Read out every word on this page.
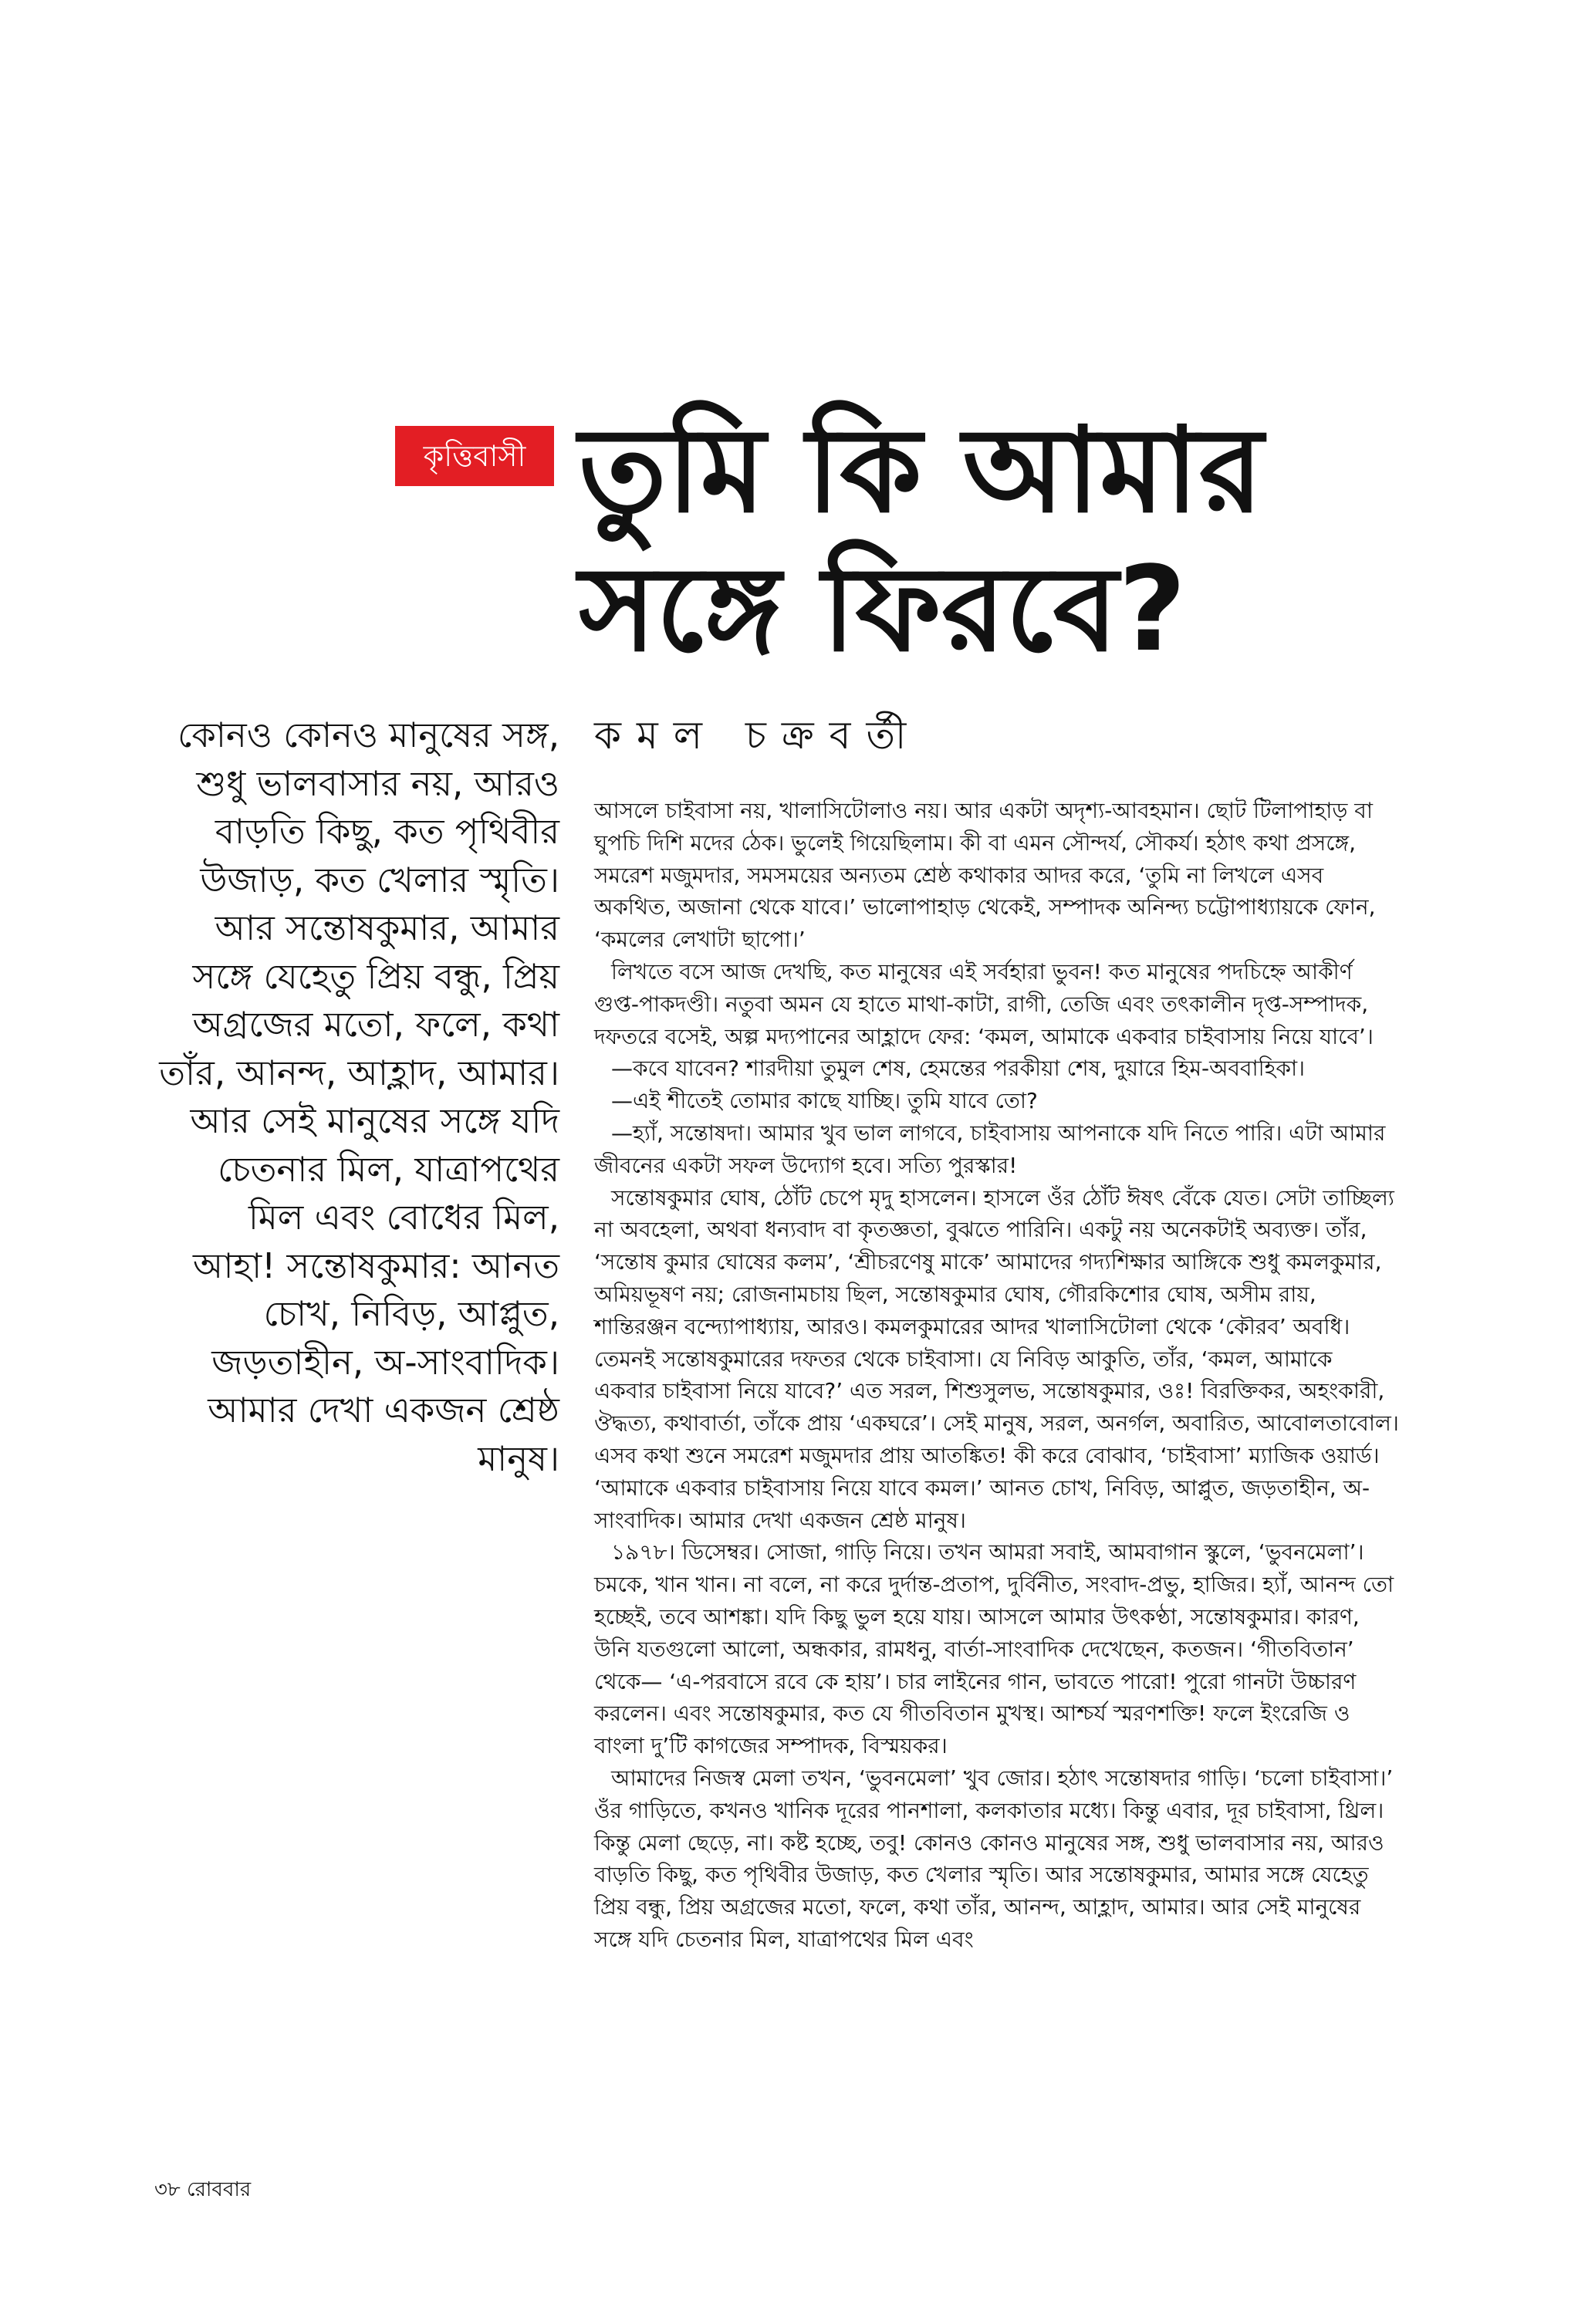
কৃত্তিবাসী তুমি কি আমার
সঙ্গে ফিরবে?
কমল চক্রবর্তী
কোনও কোনও মানুষের সঙ্গ, শুধু ভালবাসার নয়, আরও বাড়তি কিছু, কত পৃথিবীর উজাড়, কত খেলার স্মৃতি। আর সন্তোষকুমার, আমার সঙ্গে যেহেতু প্রিয় বন্ধু, প্রিয় অগ্রজের মতো, ফলে, কথা তাঁর, আনন্দ, আহ্লাদ, আমার। আর সেই মানুষের সঙ্গে যদি চেতনার মিল, যাত্রাপথের মিল এবং বোধের মিল, আহা! সন্তোষকুমার: আনত চোখ, নিবিড়, আপ্লুত, জড়তাহীন, অ-সাংবাদিক। আমার দেখা একজন শ্রেষ্ঠ মানুষ।

আসলে চাইবাসা নয়, খালাসিটোলাও নয়। আর একটা অদৃশ্য-আবহমান। ছোট টিলাপাহাড় বা ঘুপচি দিশি মদের ঠেক। ভুলেই গিয়েছিলাম। কী বা এমন সৌন্দর্য, সৌকর্য। হঠাৎ কথা প্রসঙ্গে, সমরেশ মজুমদার, সমসময়ের অন্যতম শ্রেষ্ঠ কথাকার আদর করে, ‘তুমি না লিখলে এসব অকথিত, অজানা থেকে যাবে।’ ভালোপাহাড় থেকেই, সম্পাদক অনিন্দ্য চট্টোপাধ্যায়কে ফোন, ‘কমলের লেখাটা ছাপো।’

লিখতে বসে আজ দেখছি, কত মানুষের এই সর্বহারা ভুবন! কত মানুষের পদচিহ্নে আকীর্ণ গুপ্ত-পাকদণ্ডী। নতুবা অমন যে হাতে মাথা-কাটা, রাগী, তেজি এবং তৎকালীন দৃপ্ত-সম্পাদক, দফতরে বসেই, অল্প মদ্যপানের আহ্লাদে ফের: ‘কমল, আমাকে একবার চাইবাসায় নিয়ে যাবে’।

—কবে যাবেন? শারদীয়া তুমুল শেষ, হেমন্তের পরকীয়া শেষ, দুয়ারে হিম-অববাহিকা।

—এই শীতেই তোমার কাছে যাচ্ছি। তুমি যাবে তো?

—হ্যাঁ, সন্তোষদা। আমার খুব ভাল লাগবে, চাইবাসায় আপনাকে যদি নিতে পারি। এটা আমার জীবনের একটা সফল উদ্যোগ হবে। সত্যি পুরস্কার!

সন্তোষকুমার ঘোষ, ঠোঁট চেপে মৃদু হাসলেন। হাসলে ওঁর ঠোঁট ঈষৎ বেঁকে যেত। সেটা তাচ্ছিল্য না অবহেলা, অথবা ধন্যবাদ বা কৃতজ্ঞতা, বুঝতে পারিনি। একটু নয় অনেকটাই অব্যক্ত। তাঁর, ‘সন্তোষ কুমার ঘোষের কলম’, ‘শ্রীচরণেষু মাকে’ আমাদের গদ্যশিক্ষার আঙ্গিকে শুধু কমলকুমার, অমিয়ভূষণ নয়; রোজনামচায় ছিল, সন্তোষকুমার ঘোষ, গৌরকিশোর ঘোষ, অসীম রায়, শান্তিরঞ্জন বন্দ্যোপাধ্যায়, আরও। কমলকুমারের আদর খালাসিটোলা থেকে ‘কৌরব’ অবধি। তেমনই সন্তোষকুমারের দফতর থেকে চাইবাসা। যে নিবিড় আকুতি, তাঁর, ‘কমল, আমাকে একবার চাইবাসা নিয়ে যাবে?’ এত সরল, শিশুসুলভ, সন্তোষকুমার, ওঃ! বিরক্তিকর, অহংকারী, ঔদ্ধত্য, কথাবার্তা, তাঁকে প্রায় ‘একঘরে’। সেই মানুষ, সরল, অনর্গল, অবারিত, আবোলতাবোল। এসব কথা শুনে সমরেশ মজুমদার প্রায় আতঙ্কিত! কী করে বোঝাব, ‘চাইবাসা’ ম্যাজিক ওয়ার্ড। ‘আমাকে একবার চাইবাসায় নিয়ে যাবে কমল।’ আনত চোখ, নিবিড়, আপ্লুত, জড়তাহীন, অ-সাংবাদিক। আমার দেখা একজন শ্রেষ্ঠ মানুষ।

১৯৭৮। ডিসেম্বর। সোজা, গাড়ি নিয়ে। তখন আমরা সবাই, আমবাগান স্কুলে, ‘ভুবনমেলা’। চমকে, খান খান। না বলে, না করে দুর্দান্ত-প্রতাপ, দুর্বিনীত, সংবাদ-প্রভু, হাজির। হ্যাঁ, আনন্দ তো হচ্ছেই, তবে আশঙ্কা। যদি কিছু ভুল হয়ে যায়। আসলে আমার উৎকণ্ঠা, সন্তোষকুমার। কারণ, উনি যতগুলো আলো, অন্ধকার, রামধনু, বার্তা-সাংবাদিক দেখেছেন, কতজন। ‘গীতবিতান’ থেকে— ‘এ-পরবাসে রবে কে হায়’। চার লাইনের গান, ভাবতে পারো! পুরো গানটা উচ্চারণ করলেন। এবং সন্তোষকুমার, কত যে গীতবিতান মুখস্থ। আশ্চর্য স্মরণশক্তি! ফলে ইংরেজি ও বাংলা দু’টি কাগজের সম্পাদক, বিস্ময়কর।

আমাদের নিজস্ব মেলা তখন, ‘ভুবনমেলা’ খুব জোর। হঠাৎ সন্তোষদার গাড়ি। ‘চলো চাইবাসা।’ ওঁর গাড়িতে, কখনও খানিক দূরের পানশালা, কলকাতার মধ্যে। কিন্তু এবার, দূর চাইবাসা, থ্রিল। কিন্তু মেলা ছেড়ে, না। কষ্ট হচ্ছে, তবু! কোনও কোনও মানুষের সঙ্গ, শুধু ভালবাসার নয়, আরও বাড়তি কিছু, কত পৃথিবীর উজাড়, কত খেলার স্মৃতি। আর সন্তোষকুমার, আমার সঙ্গে যেহেতু প্রিয় বন্ধু, প্রিয় অগ্রজের মতো, ফলে, কথা তাঁর, আনন্দ, আহ্লাদ, আমার। আর সেই মানুষের সঙ্গে যদি চেতনার মিল, যাত্রাপথের মিল এবং

৩৮ রোববার
